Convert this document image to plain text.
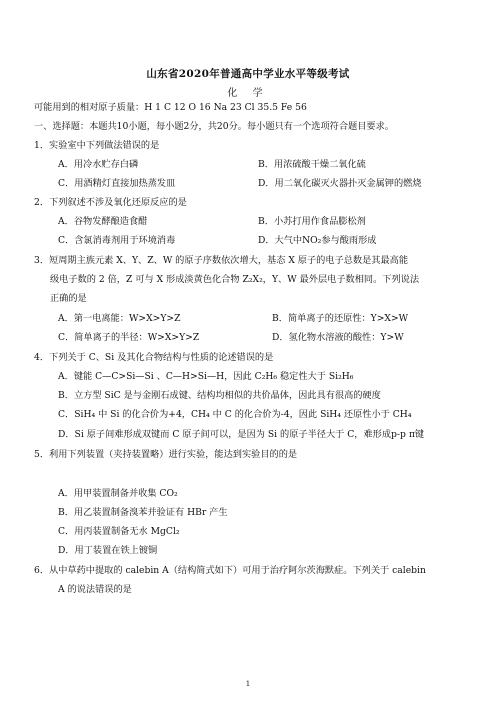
山东省2020年普通高中学业水平等级考试
化 学
可能用到的相对原子质量：H 1 C 12 O 16 Na 23 Cl 35.5 Fe 56
一、选择题：本题共10小题，每小题2分，共20分。每小题只有一个选项符合题目要求。
1．实验室中下列做法错误的是
A．用冷水贮存白磷	B．用浓硫酸干燥二氧化硫
C．用酒精灯直接加热蒸发皿	D．用二氧化碳灭火器扑灭金属钾的燃烧
2．下列叙述不涉及氧化还原反应的是
A．谷物发酵酿造食醋	B．小苏打用作食品膨松剂
C．含氯消毒剂用于环境消毒	D．大气中NO₂参与酸雨形成
3．短周期主族元素 X、Y、Z、W 的原子序数依次增大，基态 X 原子的电子总数是其最高能
级电子数的 2 倍，Z 可与 X 形成淡黄色化合物 Z₂X₂，Y、W 最外层电子数相同。下列说法
正确的是
A．第一电离能：W>X>Y>Z	B．简单离子的还原性：Y>X>W
C．简单离子的半径：W>X>Y>Z	D．氢化物水溶液的酸性：Y>W
4．下列关于 C、Si 及其化合物结构与性质的论述错误的是
A．键能 C—C>Si—Si 、C—H>Si—H，因此 C₂H₆ 稳定性大于 Si₂H₆
B．立方型 SiC 是与金刚石成键、结构均相似的共价晶体，因此具有很高的硬度
C．SiH₄ 中 Si 的化合价为+4，CH₄ 中 C 的化合价为-4，因此 SiH₄ 还原性小于 CH₄
D．Si 原子间难形成双键而 C 原子间可以，是因为 Si 的原子半径大于 C，难形成p-p π键
5．利用下列装置（夹持装置略）进行实验，能达到实验目的的是
A．用甲装置制备并收集 CO₂
B．用乙装置制备溴苯并验证有 HBr 产生
C．用丙装置制备无水 MgCl₂
D．用丁装置在铁上镀铜
6．从中草药中提取的 calebin A（结构简式如下）可用于治疗阿尔茨海默症。下列关于 calebin
A 的说法错误的是
1
